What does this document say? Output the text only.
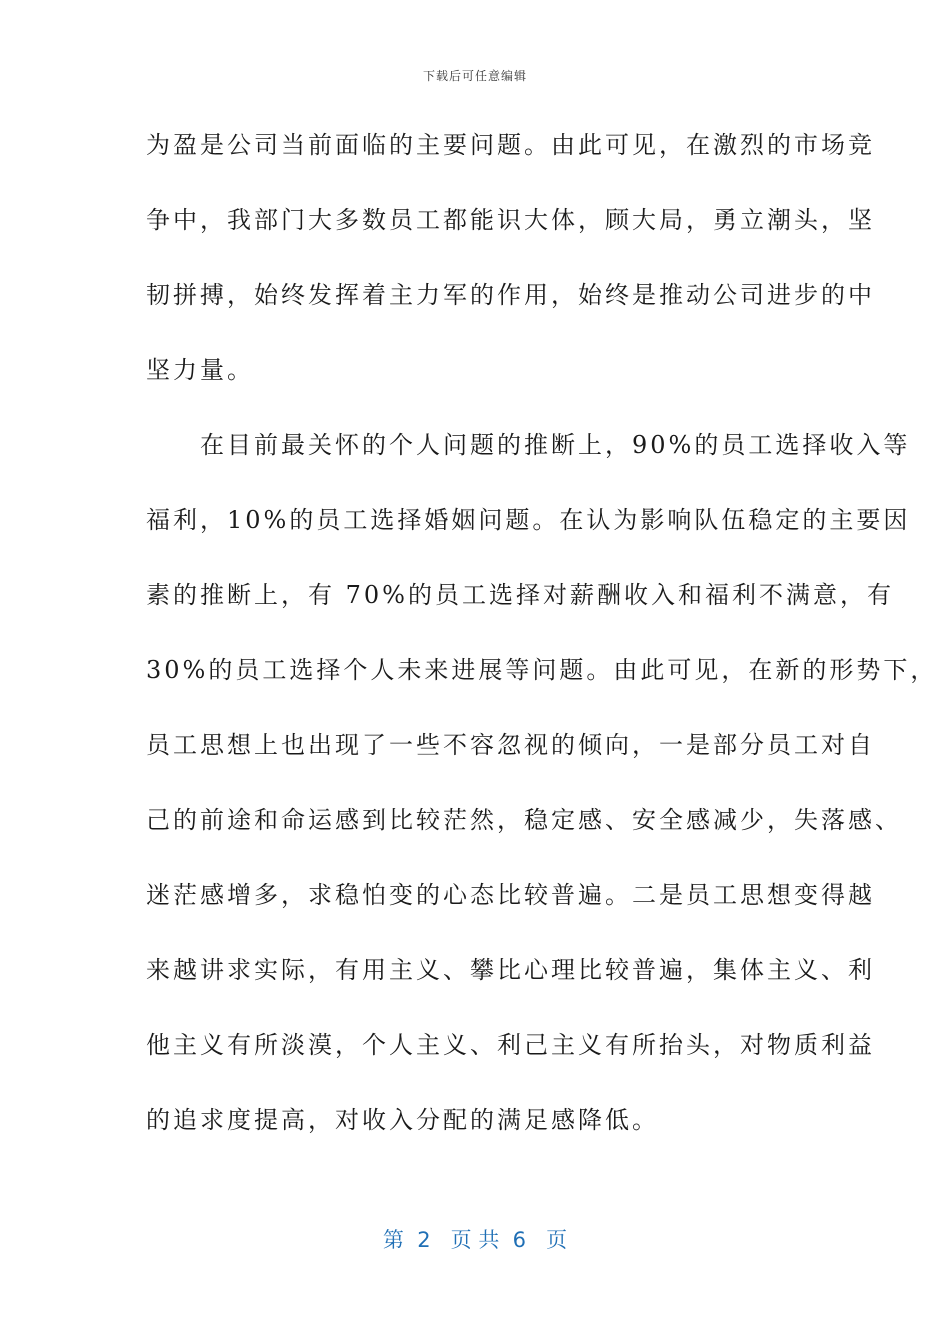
下载后可任意编辑
为盈是公司当前面临的主要问题。由此可见，在激烈的市场竞
争中，我部门大多数员工都能识大体，顾大局，勇立潮头，坚
韧拼搏，始终发挥着主力军的作用，始终是推动公司进步的中
坚力量。
　　在目前最关怀的个人问题的推断上，90%的员工选择收入等
福利，10%的员工选择婚姻问题。在认为影响队伍稳定的主要因
素的推断上，有 70%的员工选择对薪酬收入和福利不满意，有
30%的员工选择个人未来进展等问题。由此可见，在新的形势下，
员工思想上也出现了一些不容忽视的倾向，一是部分员工对自
己的前途和命运感到比较茫然，稳定感、安全感减少，失落感、
迷茫感增多，求稳怕变的心态比较普遍。二是员工思想变得越
来越讲求实际，有用主义、攀比心理比较普遍，集体主义、利
他主义有所淡漠，个人主义、利己主义有所抬头，对物质利益
的追求度提高，对收入分配的满足感降低。
第  2   页 共  6   页
